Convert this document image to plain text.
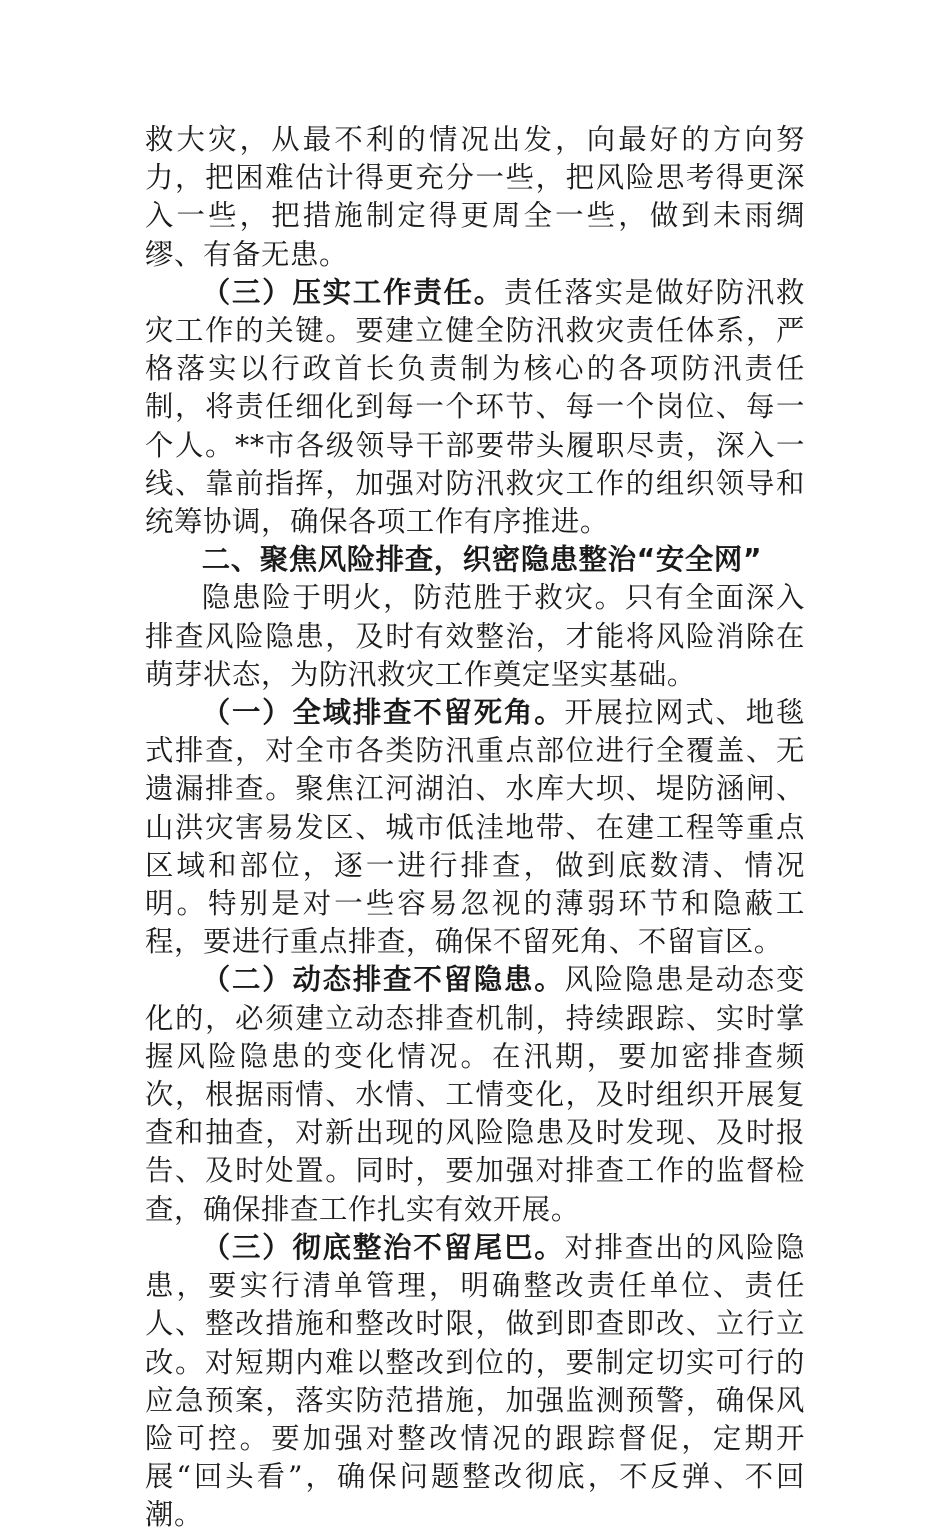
救大灾，从最不利的情况出发，向最好的方向努力，把困难估计得更充分一些，把风险思考得更深入一些，把措施制定得更周全一些，做到未雨绸缪、有备无患。

（三）压实工作责任。责任落实是做好防汛救灾工作的关键。要建立健全防汛救灾责任体系，严格落实以行政首长负责制为核心的各项防汛责任制，将责任细化到每一个环节、每一个岗位、每一个人。**市各级领导干部要带头履职尽责，深入一线、靠前指挥，加强对防汛救灾工作的组织领导和统筹协调，确保各项工作有序推进。

二、聚焦风险排查，织密隐患整治“安全网”

隐患险于明火，防范胜于救灾。只有全面深入排查风险隐患，及时有效整治，才能将风险消除在萌芽状态，为防汛救灾工作奠定坚实基础。

（一）全域排查不留死角。开展拉网式、地毯式排查，对全市各类防汛重点部位进行全覆盖、无遗漏排查。聚焦江河湖泊、水库大坝、堤防涵闸、山洪灾害易发区、城市低洼地带、在建工程等重点区域和部位，逐一进行排查，做到底数清、情况明。特别是对一些容易忽视的薄弱环节和隐蔽工程，要进行重点排查，确保不留死角、不留盲区。

（二）动态排查不留隐患。风险隐患是动态变化的，必须建立动态排查机制，持续跟踪、实时掌握风险隐患的变化情况。在汛期，要加密排查频次，根据雨情、水情、工情变化，及时组织开展复查和抽查，对新出现的风险隐患及时发现、及时报告、及时处置。同时，要加强对排查工作的监督检查，确保排查工作扎实有效开展。

（三）彻底整治不留尾巴。对排查出的风险隐患，要实行清单管理，明确整改责任单位、责任人、整改措施和整改时限，做到即查即改、立行立改。对短期内难以整改到位的，要制定切实可行的应急预案，落实防范措施，加强监测预警，确保风险可控。要加强对整改情况的跟踪督促，定期开展“回头看”，确保问题整改彻底，不反弹、不回潮。
